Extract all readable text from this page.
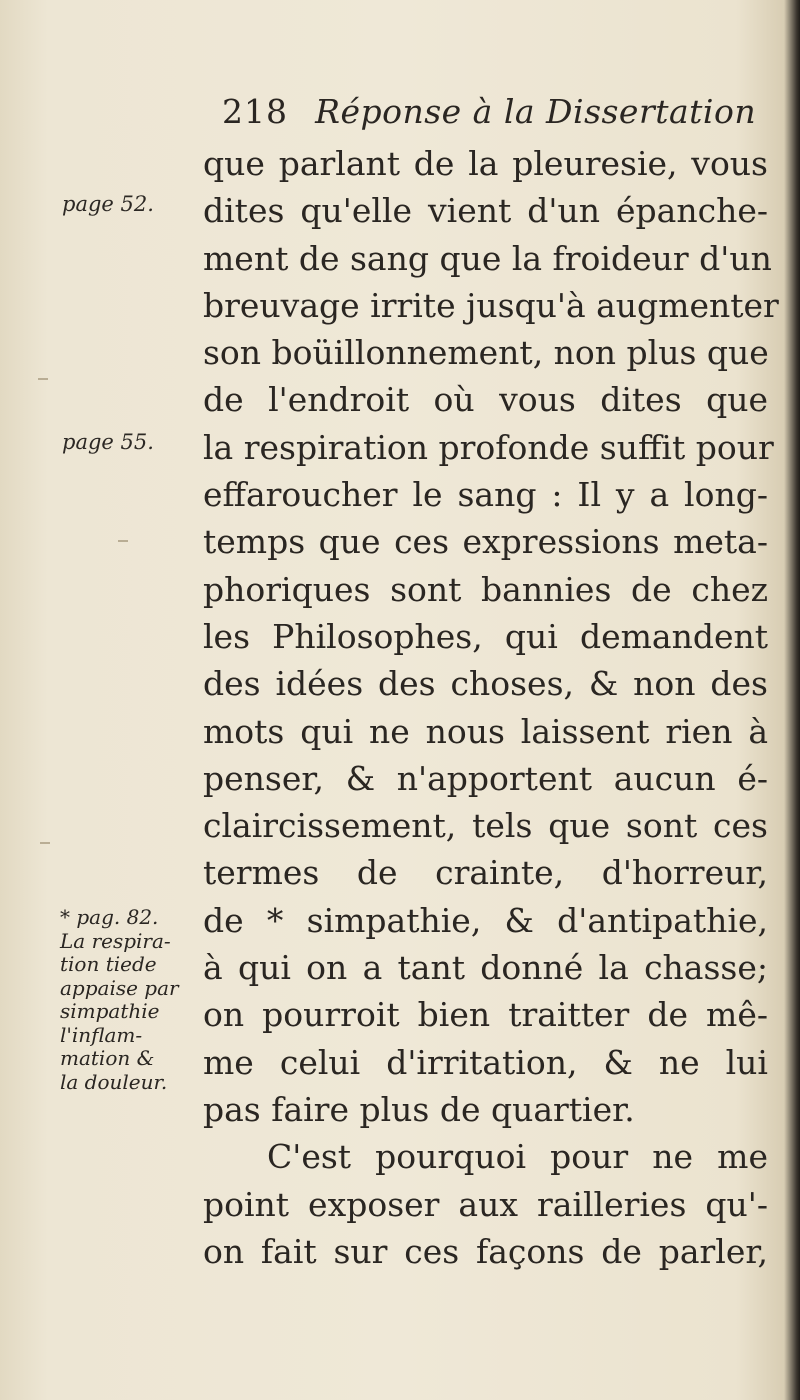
218 Réponse à la Dissertation
page 52.
page 55.
* pag. 82.
La respira-
tion tiede
appaise par
simpathie
l'inflam-
mation &
la douleur.
que parlant de la pleuresie, vous
dites qu'elle vient d'un épanche-
ment de sang que la froideur d'un
breuvage irrite jusqu'à augmenter
son boüillonnement, non plus que
de l'endroit où vous dites que
la respiration profonde suffit pour
effaroucher le sang : Il y a long-
temps que ces expressions meta-
phoriques sont bannies de chez
les Philosophes, qui demandent
des idées des choses, & non des
mots qui ne nous laissent rien à
penser, & n'apportent aucun é-
claircissement, tels que sont ces
termes de crainte, d'horreur,
de * simpathie, & d'antipathie,
à qui on a tant donné la chasse;
on pourroit bien traitter de mê-
me celui d'irritation, & ne lui
pas faire plus de quartier.
C'est pourquoi pour ne me
point exposer aux railleries qu'-
on fait sur ces façons de parler,
